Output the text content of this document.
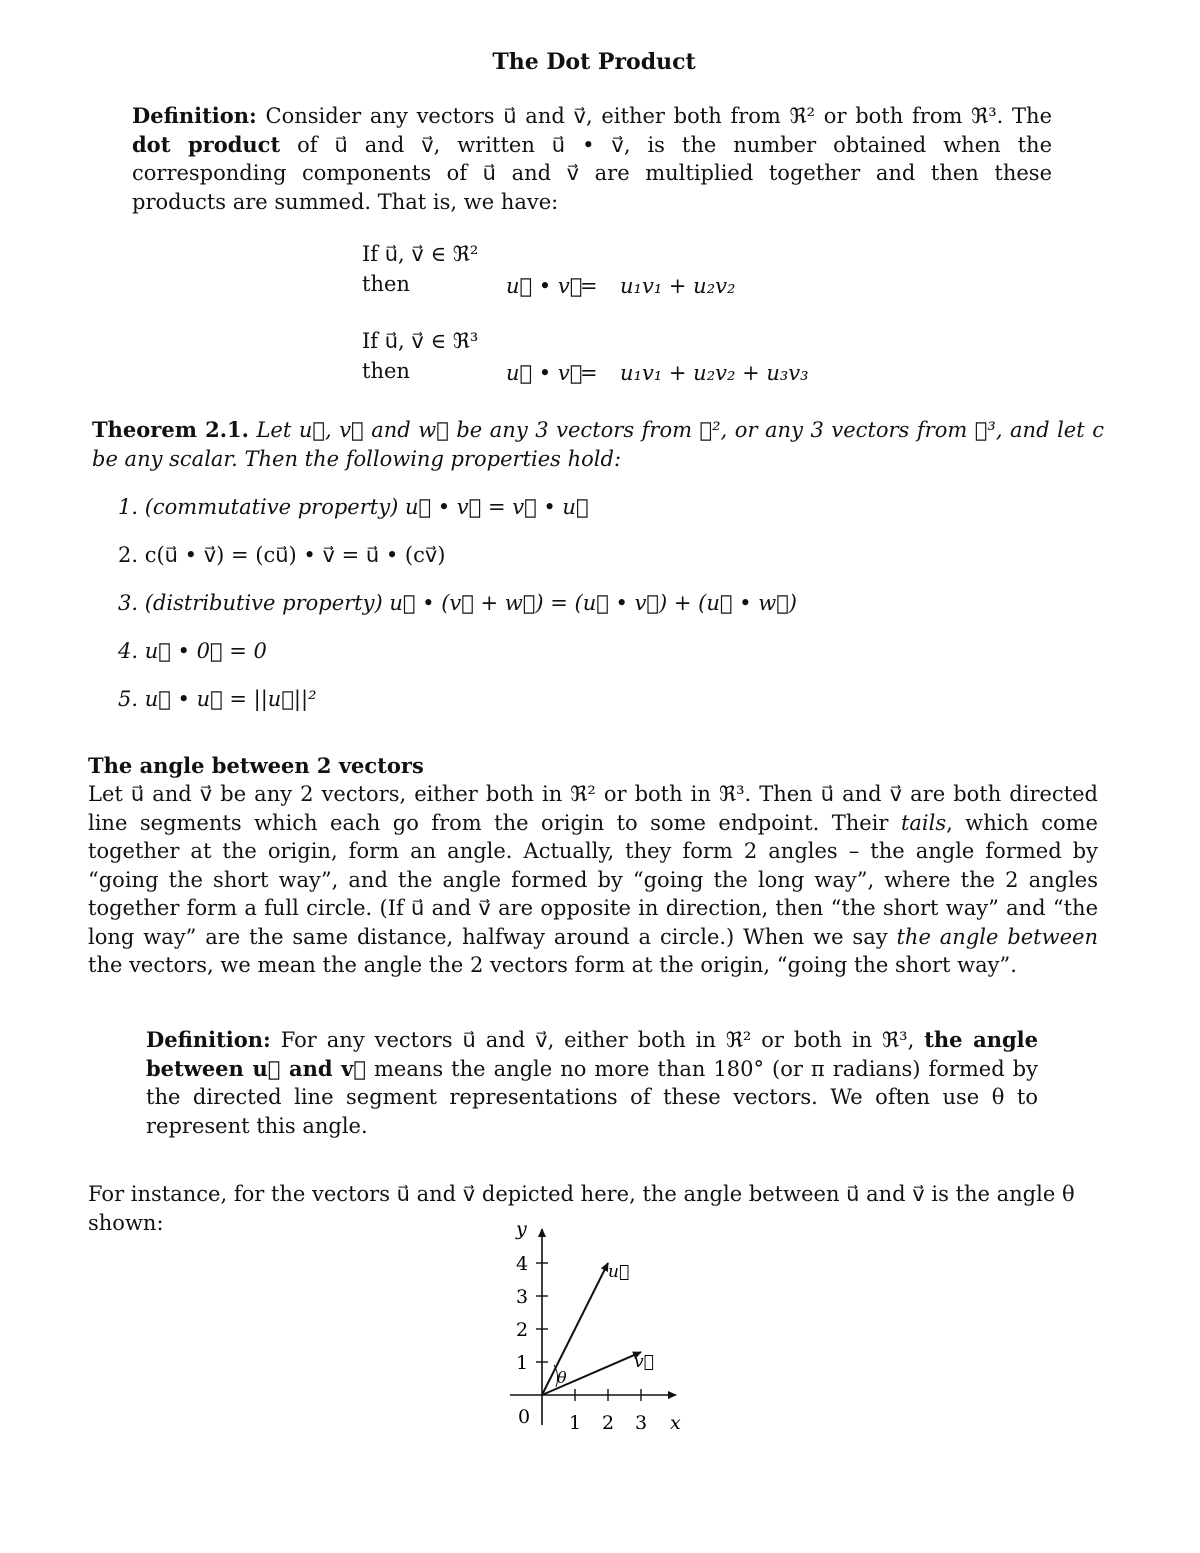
The Dot Product
Definition: Consider any vectors u⃗ and v⃗, either both from ℜ² or both from ℜ³. The dot product of u⃗ and v⃗, written u⃗ • v⃗, is the number obtained when the corresponding components of u⃗ and v⃗ are multiplied together and then these products are summed. That is, we have:
If u⃗, v⃗ ∈ ℜ²
then	u⃗ • v⃗
= u₁v₁ + u₂v₂
If u⃗, v⃗ ∈ ℜ³
then	u⃗ • v⃗
= u₁v₁ + u₂v₂ + u₃v₃
Theorem 2.1. Let u⃗, v⃗ and w⃗ be any 3 vectors from ℜ², or any 3 vectors from ℜ³, and let c be any scalar. Then the following properties hold:
1. (commutative property) u⃗ • v⃗ = v⃗ • u⃗
2. c(u⃗ • v⃗) = (cu⃗) • v⃗ = u⃗ • (cv⃗)
3. (distributive property) u⃗ • (v⃗ + w⃗) = (u⃗ • v⃗) + (u⃗ • w⃗)
4. u⃗ • 0⃗ = 0
5. u⃗ • u⃗ = ||u⃗||²
The angle between 2 vectors
Let u⃗ and v⃗ be any 2 vectors, either both in ℜ² or both in ℜ³. Then u⃗ and v⃗ are both directed line segments which each go from the origin to some endpoint. Their tails, which come together at the origin, form an angle. Actually, they form 2 angles – the angle formed by “going the short way”, and the angle formed by “going the long way”, where the 2 angles together form a full circle. (If u⃗ and v⃗ are opposite in direction, then “the short way” and “the long way” are the same distance, halfway around a circle.) When we say the angle between the vectors, we mean the angle the 2 vectors form at the origin, “going the short way”.
Definition: For any vectors u⃗ and v⃗, either both in ℜ² or both in ℜ³, the angle between u⃗ and v⃗ means the angle no more than 180° (or π radians) formed by the directed line segment representations of these vectors. We often use θ to represent this angle.
For instance, for the vectors u⃗ and v⃗ depicted here, the angle between u⃗ and v⃗ is the angle θ shown:
1
2
3
4
1 2 3
y
x
0
θ
u⃗
v⃗
